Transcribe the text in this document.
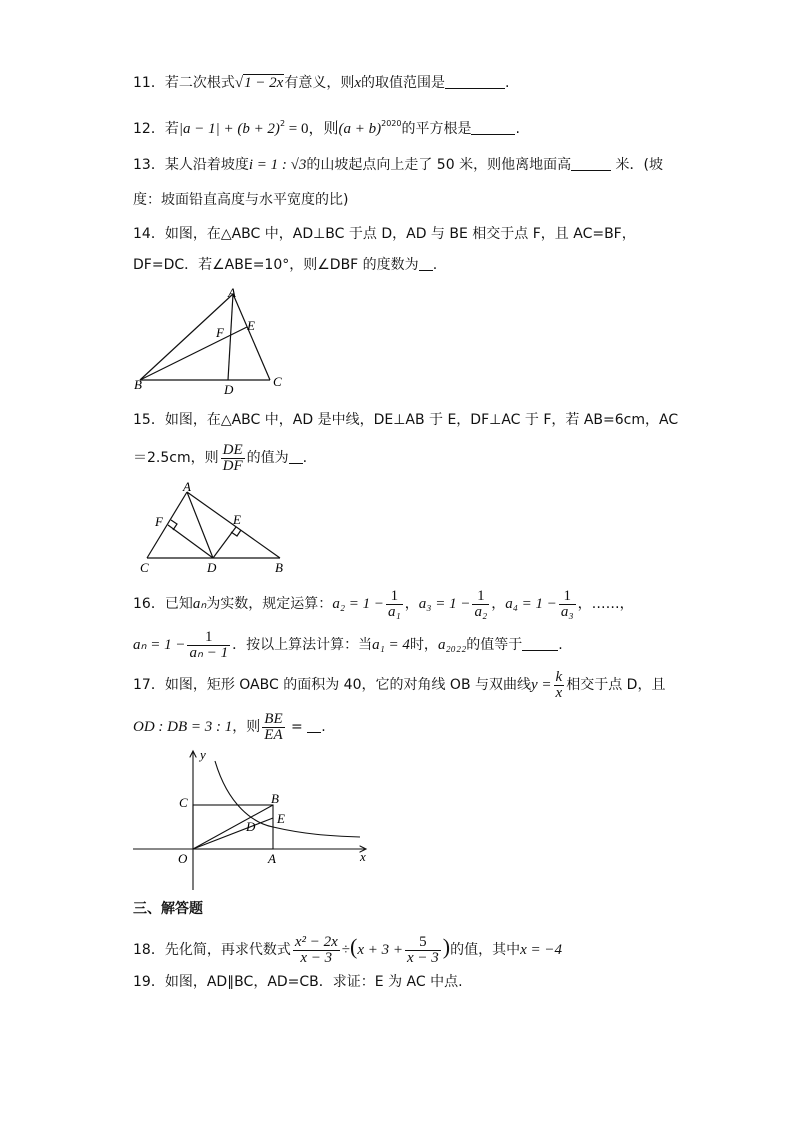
11．若二次根式√1 − 2x有意义，则x的取值范围是	.
12．若$|a - 1| + (b + 2)^2 = 0$，则$(a + b)^{2020}$的平方根是	.
13．某人沿着坡度i = 1 : √3的山坡起点向上走了 50 米，则他离地面高	米．(坡
度：坡面铅直高度与水平宽度的比)
14．如图，在△ABC 中，AD⊥BC 于点 D，AD 与 BE 相交于点 F，且 AC=BF，
DF=DC．若∠ABE=10°，则∠DBF 的度数为 .
A
B	C
D
E
F
15．如图，在△ABC 中，AD 是中线，DE⊥AB 于 E，DF⊥AC 于 F，若 AB=6cm，AC
＝2.5cm，则 $\frac{DE}{DF}$ 的值为 .
A
B
C	D
E
F
16．已知aₙ为实数，规定运算：$a_2 = 1 - \frac{1}{\text{a₁}}$ ，$a_3 = 1 - \frac{1}{\text{a₂}}$ ，$a_4 = 1 - \frac{1}{\text{a₃}}$ ，……，
$a_n = 1 - \frac{1}{\text{aₙ − 1}}$ ．按以上算法计算：当a₁ = 4时，a₂₀₂₂的值等于	.
17．如图，矩形 OABC 的面积为 40，它的对角线 OB 与双曲线$y = \frac{k}{x}$ 相交于点 D，且
OD : DB = 3 : 1，则 $\frac{BE}{EA}$ = .
y
x
O	A
B
C
D
E
三、解答题
18．先化简，再求代数式 $\frac{\text{x² − 2x}}{x - 3} \div(x + 3 + \frac{5}{x - 3}$ )的值，其中x = −4
19．如图，AD∥BC，AD=CB．求证：E 为 AC 中点.
